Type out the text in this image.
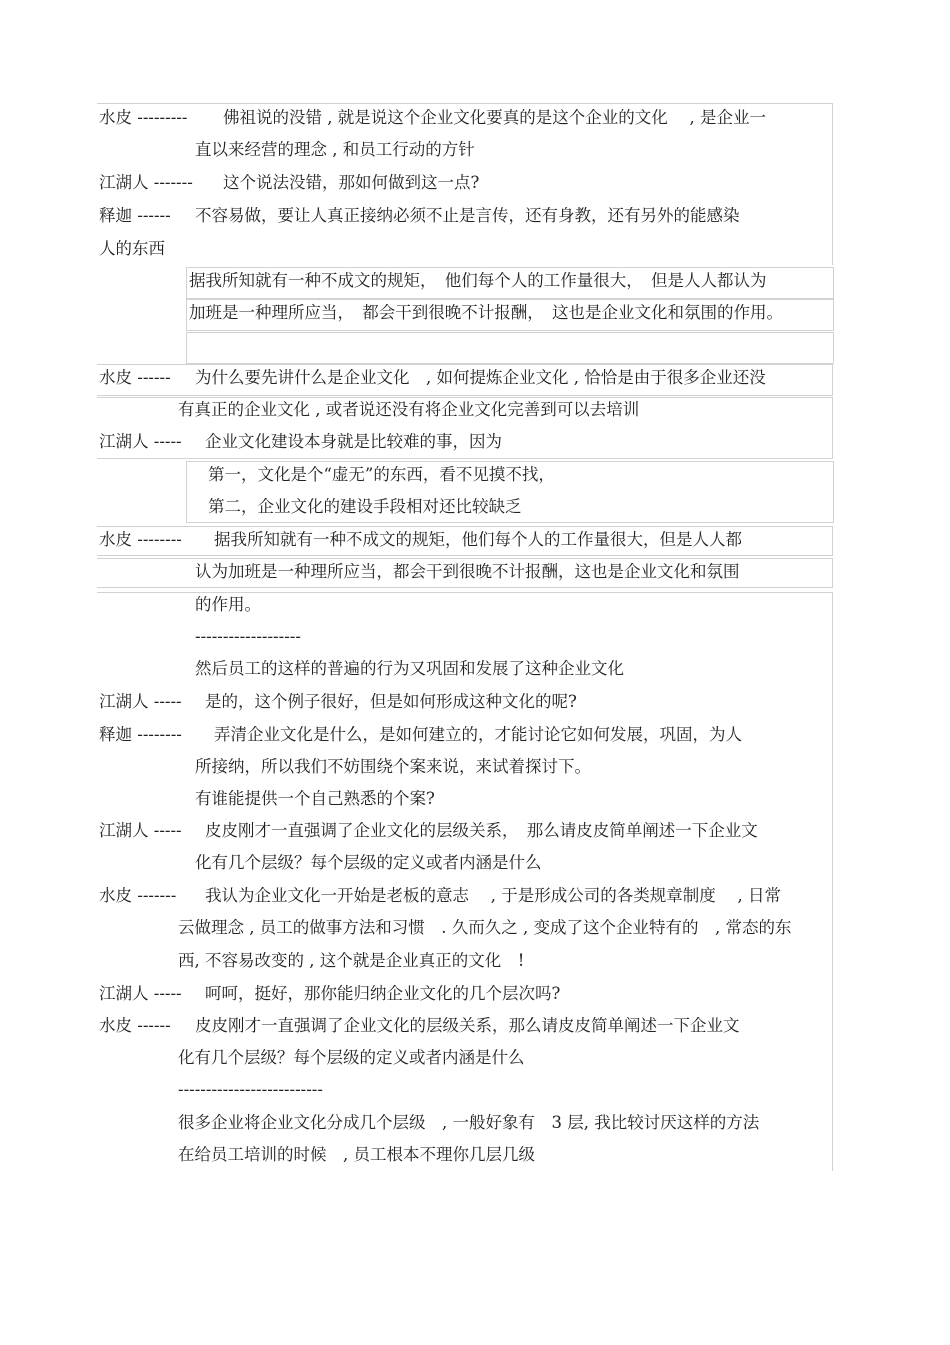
水皮 --------- 佛祖说的没错 , 就是说这个企业文化要真的是这个企业的文化　 , 是企业一
直以来经营的理念 , 和员工行动的方针
江湖人 ------- 这个说法没错，那如何做到这一点?
释迦 ------ 不容易做，要让人真正接纳必须不止是言传，还有身教，还有另外的能感染
人的东西
据我所知就有一种不成文的规矩，　他们每个人的工作量很大，　但是人人都认为
加班是一种理所应当，　都会干到很晚不计报酬，　这也是企业文化和氛围的作用。
水皮 ------ 为什么要先讲什么是企业文化　, 如何提炼企业文化 , 恰恰是由于很多企业还没
有真正的企业文化 , 或者说还没有将企业文化完善到可以去培训
江湖人 ----- 企业文化建设本身就是比较难的事，因为
第一，文化是个“虚无”的东西，看不见摸不找，
第二，企业文化的建设手段相对还比较缺乏
水皮 -------- 据我所知就有一种不成文的规矩，他们每个人的工作量很大，但是人人都
认为加班是一种理所应当，都会干到很晚不计报酬，这也是企业文化和氛围
的作用。
-------------------
然后员工的这样的普遍的行为又巩固和发展了这种企业文化
江湖人 ----- 是的，这个例子很好，但是如何形成这种文化的呢?
释迦 -------- 弄清企业文化是什么，是如何建立的，才能讨论它如何发展，巩固，为人
所接纳，所以我们不妨围绕个案来说，来试着探讨下。
有谁能提供一个自己熟悉的个案?
江湖人 ----- 皮皮刚才一直强调了企业文化的层级关系，　那么请皮皮简单阐述一下企业文
化有几个层级？每个层级的定义或者内涵是什么
水皮 ------- 我认为企业文化一开始是老板的意志　 , 于是形成公司的各类规章制度　 , 日常
云做理念 , 员工的做事方法和习惯　. 久而久之 , 变成了这个企业特有的　, 常态的东
西, 不容易改变的 , 这个就是企业真正的文化　!
江湖人 ----- 呵呵，挺好，那你能归纳企业文化的几个层次吗?
水皮 ------ 皮皮刚才一直强调了企业文化的层级关系，那么请皮皮简单阐述一下企业文
化有几个层级？每个层级的定义或者内涵是什么
--------------------------
很多企业将企业文化分成几个层级　, 一般好象有　3 层, 我比较讨厌这样的方法
在给员工培训的时候　, 员工根本不理你几层几级
